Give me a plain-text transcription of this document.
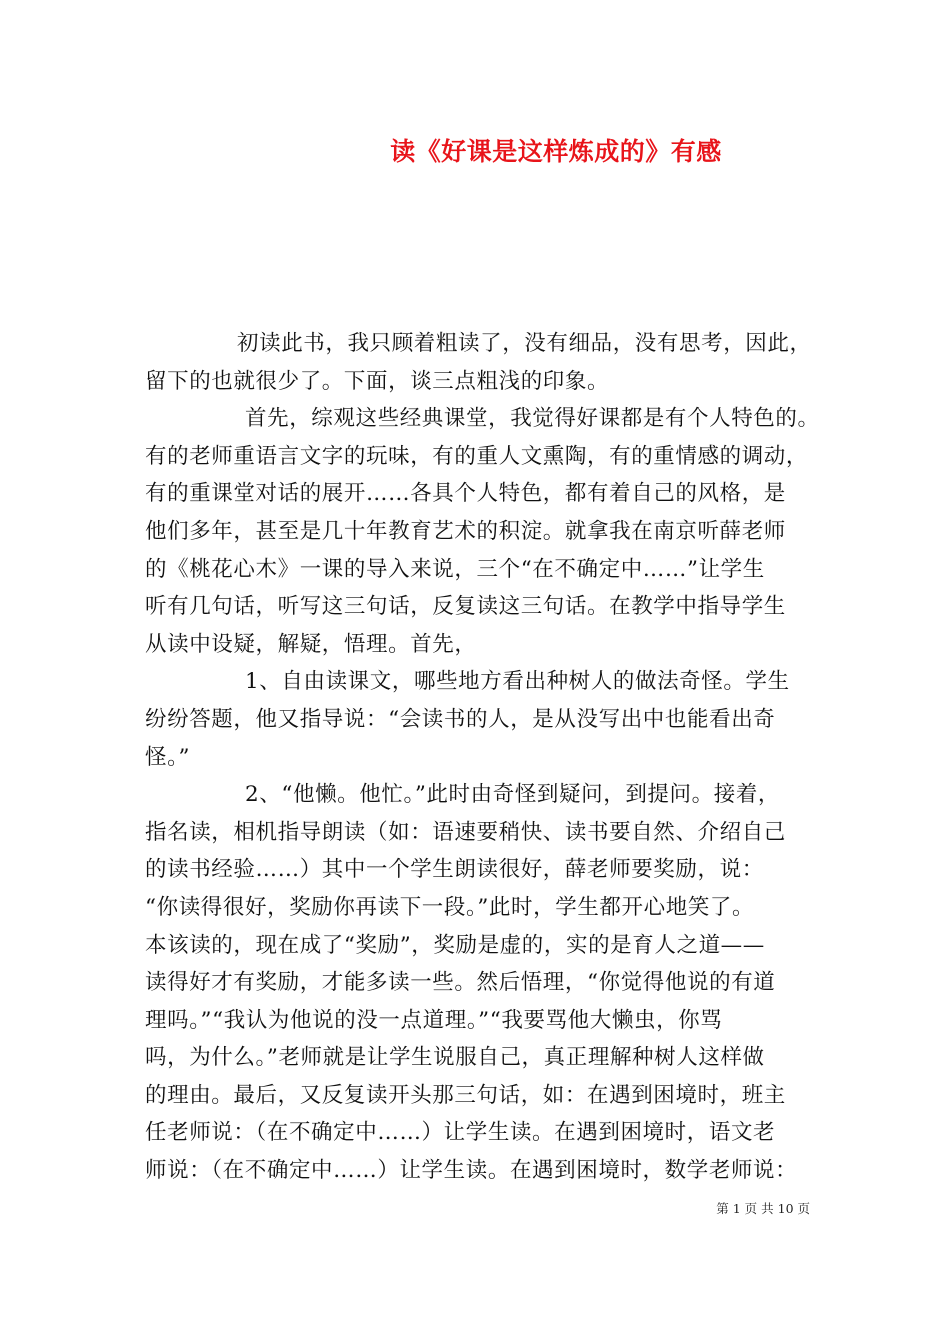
读《好课是这样炼成的》有感
初读此书，我只顾着粗读了，没有细品，没有思考，因此，
留下的也就很少了。下面，谈三点粗浅的印象。
首先，综观这些经典课堂，我觉得好课都是有个人特色的。
有的老师重语言文字的玩味，有的重人文熏陶，有的重情感的调动，
有的重课堂对话的展开……各具个人特色，都有着自己的风格，是
他们多年，甚至是几十年教育艺术的积淀。就拿我在南京听薛老师
的《桃花心木》一课的导入来说，三个“在不确定中……”让学生
听有几句话，听写这三句话，反复读这三句话。在教学中指导学生
从读中设疑，解疑，悟理。首先，
1、自由读课文，哪些地方看出种树人的做法奇怪。学生
纷纷答题，他又指导说：“会读书的人，是从没写出中也能看出奇
怪。”
2、“他懒。他忙。”此时由奇怪到疑问，到提问。接着，
指名读，相机指导朗读（如：语速要稍快、读书要自然、介绍自己
的读书经验……）其中一个学生朗读很好，薛老师要奖励，说：
“你读得很好，奖励你再读下一段。”此时，学生都开心地笑了。
本该读的，现在成了“奖励”，奖励是虚的，实的是育人之道——
读得好才有奖励，才能多读一些。然后悟理，“你觉得他说的有道
理吗。”“我认为他说的没一点道理。”“我要骂他大懒虫，你骂
吗，为什么。”老师就是让学生说服自己，真正理解种树人这样做
的理由。最后，又反复读开头那三句话，如：在遇到困境时，班主
任老师说：（在不确定中……）让学生读。在遇到困境时，语文老
师说：（在不确定中……）让学生读。在遇到困境时，数学老师说：
第 1 页 共 10 页
